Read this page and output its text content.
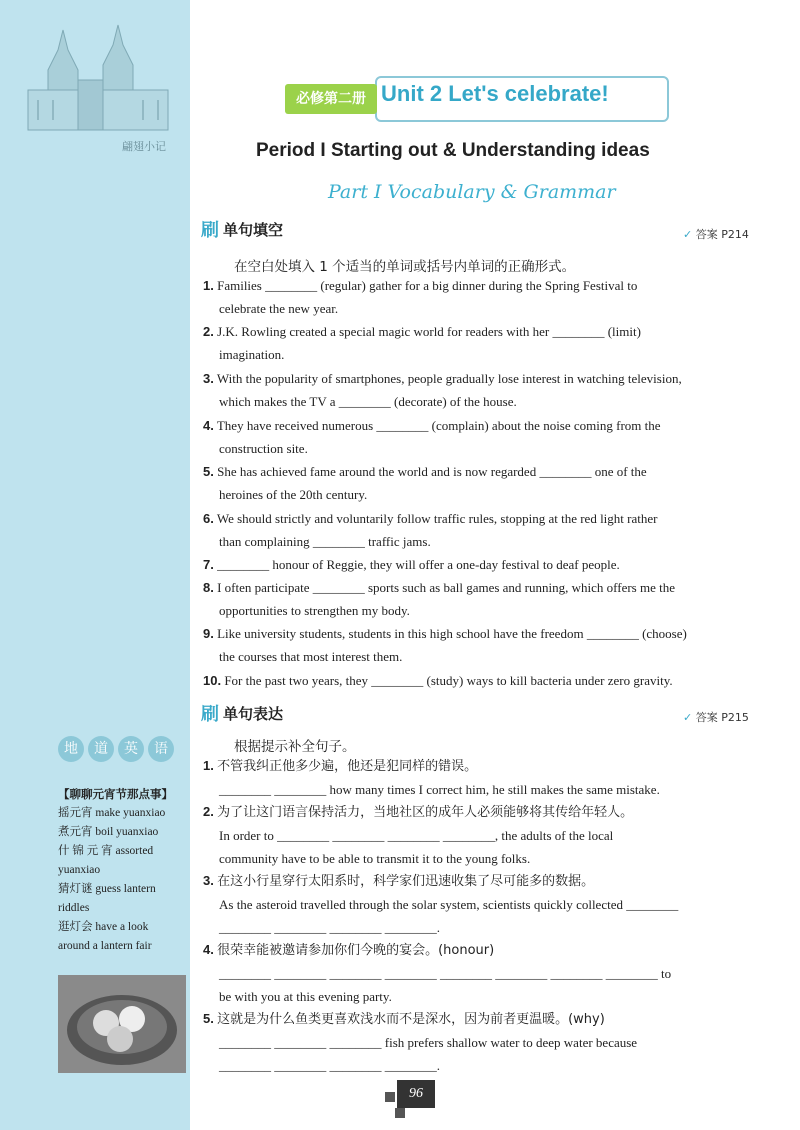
翩翅小记
地	道	英	语
【聊聊元宵节那点事】
摇元宵 make yuanxiao
煮元宵 boil yuanxiao
什 锦 元 宵 assorted
yuanxiao
猜灯谜 guess lantern
riddles
逛灯会 have a look
around a lantern fair
必修第二册 Unit 2 Let's celebrate!
Period I Starting out & Understanding ideas
Part I Vocabulary & Grammar
刷 单句填空	✓ 答案 P214
在空白处填入 1 个适当的单词或括号内单词的正确形式。
1. Families ________ (regular) gather for a big dinner during the Spring Festival to
celebrate the new year.
2. J.K. Rowling created a special magic world for readers with her ________ (limit)
imagination.
3. With the popularity of smartphones, people gradually lose interest in watching television,
which makes the TV a ________ (decorate) of the house.
4. They have received numerous ________ (complain) about the noise coming from the
construction site.
5. She has achieved fame around the world and is now regarded ________ one of the
heroines of the 20th century.
6. We should strictly and voluntarily follow traffic rules, stopping at the red light rather
than complaining ________ traffic jams.
7. ________ honour of Reggie, they will offer a one-day festival to deaf people.
8. I often participate ________ sports such as ball games and running, which offers me the
opportunities to strengthen my body.
9. Like university students, students in this high school have the freedom ________ (choose)
the courses that most interest them.
10. For the past two years, they ________ (study) ways to kill bacteria under zero gravity.
刷 单句表达	✓ 答案 P215
根据提示补全句子。
1. 不管我纠正他多少遍，他还是犯同样的错误。
________ ________ how many times I correct him, he still makes the same mistake.
2. 为了让这门语言保持活力，当地社区的成年人必须能够将其传给年轻人。
In order to ________ ________ ________ ________, the adults of the local
community have to be able to transmit it to the young folks.
3. 在这小行星穿行太阳系时，科学家们迅速收集了尽可能多的数据。
As the asteroid travelled through the solar system, scientists quickly collected ________
________ ________ ________ ________.
4. 很荣幸能被邀请参加你们今晚的宴会。(honour)
________ ________ ________ ________ ________ ________ ________ ________ to
be with you at this evening party.
5. 这就是为什么鱼类更喜欢浅水而不是深水，因为前者更温暖。(why)
________ ________ ________ fish prefers shallow water to deep water because
________ ________ ________ ________.
96
